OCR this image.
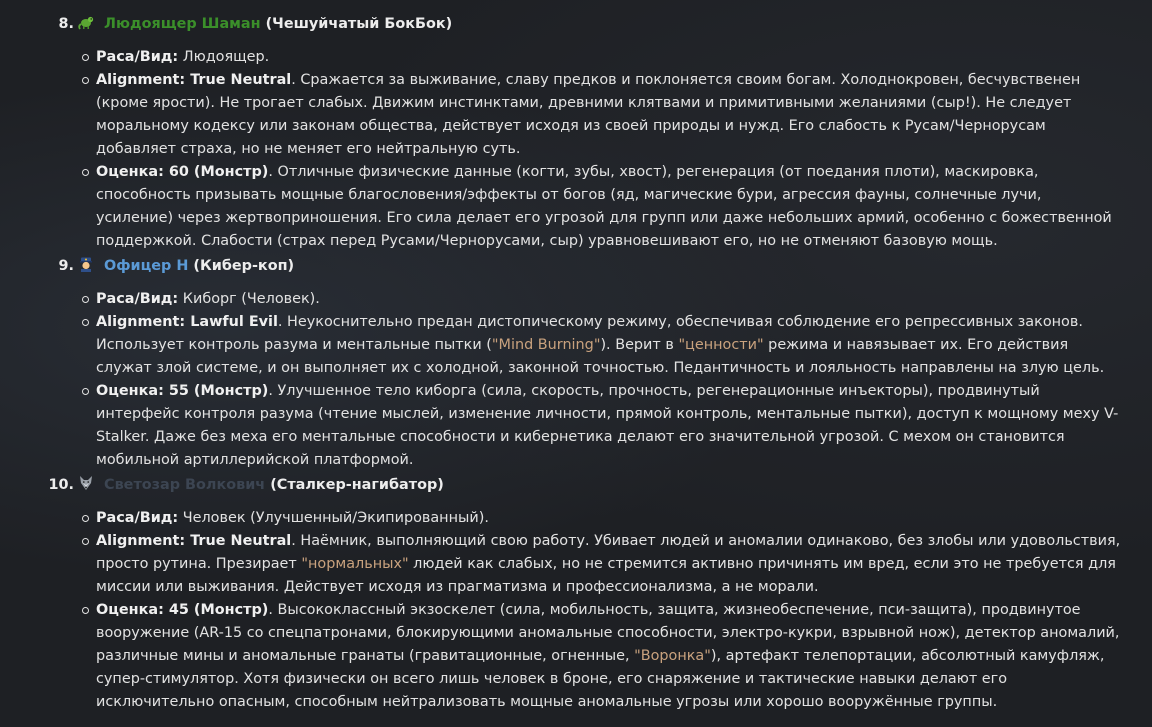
8. Людоящер Шаман (Чешуйчатый БокБок)
Раса/Вид: Людоящер.
Alignment: True Neutral. Сражается за выживание, славу предков и поклоняется своим богам. Холоднокровен, бесчувственен (кроме ярости). Не трогает слабых. Движим инстинктами, древними клятвами и примитивными желаниями (сыр!). Не следует моральному кодексу или законам общества, действует исходя из своей природы и нужд. Его слабость к Русам/Чернорусам добавляет страха, но не меняет его нейтральную суть.
Оценка: 60 (Монстр). Отличные физические данные (когти, зубы, хвост), регенерация (от поедания плоти), маскировка, способность призывать мощные благословения/эффекты от богов (яд, магические бури, агрессия фауны, солнечные лучи, усиление) через жертвоприношения. Его сила делает его угрозой для групп или даже небольших армий, особенно с божественной поддержкой. Слабости (страх перед Русами/Чернорусами, сыр) уравновешивают его, но не отменяют базовую мощь.
9. Офицер Н (Кибер-коп)
Раса/Вид: Киборг (Человек).
Alignment: Lawful Evil. Неукоснительно предан дистопическому режиму, обеспечивая соблюдение его репрессивных законов. Использует контроль разума и ментальные пытки ("Mind Burning"). Верит в "ценности" режима и навязывает их. Его действия служат злой системе, и он выполняет их с холодной, законной точностью. Педантичность и лояльность направлены на злую цель.
Оценка: 55 (Монстр). Улучшенное тело киборга (сила, скорость, прочность, регенерационные инъекторы), продвинутый интерфейс контроля разума (чтение мыслей, изменение личности, прямой контроль, ментальные пытки), доступ к мощному меху V-Stalker. Даже без меха его ментальные способности и кибернетика делают его значительной угрозой. С мехом он становится мобильной артиллерийской платформой.
10. Светозар Волкович (Сталкер-нагибатор)
Раса/Вид: Человек (Улучшенный/Экипированный).
Alignment: True Neutral. Наёмник, выполняющий свою работу. Убивает людей и аномалии одинаково, без злобы или удовольствия, просто рутина. Презирает "нормальных" людей как слабых, но не стремится активно причинять им вред, если это не требуется для миссии или выживания. Действует исходя из прагматизма и профессионализма, а не морали.
Оценка: 45 (Монстр). Высококлассный экзоскелет (сила, мобильность, защита, жизнеобеспечение, пси-защита), продвинутое вооружение (AR-15 со спецпатронами, блокирующими аномальные способности, электро-кукри, взрывной нож), детектор аномалий, различные мины и аномальные гранаты (гравитационные, огненные, "Воронка"), артефакт телепортации, абсолютный камуфляж, супер-стимулятор. Хотя физически он всего лишь человек в броне, его снаряжение и тактические навыки делают его исключительно опасным, способным нейтрализовать мощные аномальные угрозы или хорошо вооружённые группы.
